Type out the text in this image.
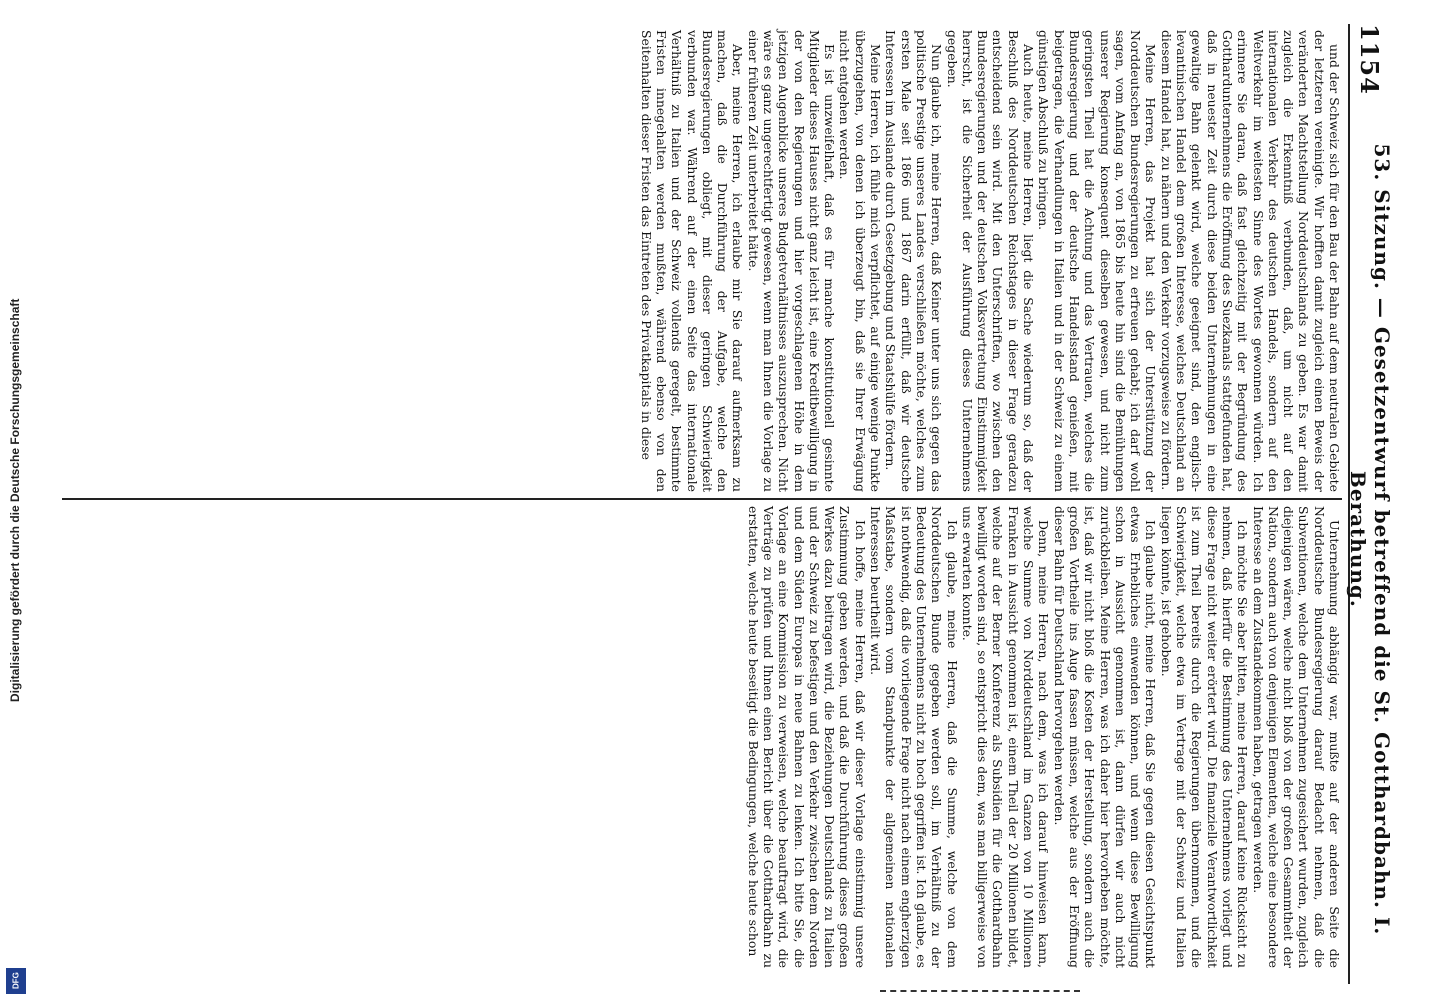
1154
53. Sitzung. — Gesetzentwurf betreffend die St. Gotthardbahn. I. Berathung.

und der Schweiz sich für den Bau der Bahn auf dem neutralen Gebiete der letzteren vereinigte. Wir hofften damit zugleich einen Beweis der veränderten Machtstellung Norddeutschlands zu geben. Es war damit zugleich die Erkenntniß verbunden, daß, um nicht auf den internationalen Verkehr des deutschen Handels, sondern auf den Weltverkehr im weitesten Sinne des Wortes gewonnen würden. Ich erinnere Sie daran, daß fast gleichzeitig mit der Begründung des Gotthardunternehmens die Eröffnung des Suezkanals stattgefunden hat, daß in neuester Zeit durch diese beiden Unternehmungen in eine gewaltige Bahn gelenkt wird, welche geeignet sind, den englisch-levantinischen Handel dem großen Interesse, welches Deutschland an diesem Handel hat, zu nähern und den Verkehr vorzugsweise zu fördern.

Meine Herren, das Projekt hat sich der Unterstützung der Norddeutschen Bundesregierungen zu erfreuen gehabt; ich darf wohl sagen, vom Anfang an, von 1865 bis heute hin sind die Bemühungen unserer Regierung konsequent dieselben gewesen, und nicht zum geringsten Theil hat die Achtung und das Vertrauen, welches die Bundesregierung und der deutsche Handelsstand genießen, mit beigetragen, die Verhandlungen in Italien und in der Schweiz zu einem günstigen Abschluß zu bringen.

Auch heute, meine Herren, liegt die Sache wiederum so, daß der Beschluß des Norddeutschen Reichstages in dieser Frage geradezu entscheidend sein wird. Mit den Unterschriften, wo zwischen den Bundesregierungen und der deutschen Volksvertretung Einstimmigkeit herrscht, ist die Sicherheit der Ausführung dieses Unternehmens gegeben.

Nun glaube ich, meine Herren, daß Keiner unter uns sich gegen das politische Prestige unseres Landes verschließen möchte, welches zum ersten Male seit 1866 und 1867 darin erfüllt, daß wir deutsche Interessen im Auslande durch Gesetzgebung und Staatshülfe fördern.

Meine Herren, ich fühle mich verpflichtet, auf einige wenige Punkte überzugehen, von denen ich überzeugt bin, daß sie Ihrer Erwägung nicht entgehen werden.

Es ist unzweifelhaft, daß es für manche konstitutionell gesinnte Mitglieder dieses Hauses nicht ganz leicht ist, eine Kreditbewilligung in der von den Regierungen und hier vorgeschlagenen Höhe in dem jetzigen Augenblicke unseres Budgetverhältnisses auszusprechen. Nicht wäre es ganz ungerechtfertigt gewesen, wenn man Ihnen die Vorlage zu einer früheren Zeit unterbreitet hätte.

Aber, meine Herren, ich erlaube mir Sie darauf aufmerksam zu machen, daß die Durchführung der Aufgabe, welche den Bundesregierungen obliegt, mit dieser geringen Schwierigkeit verbunden war. Während auf der einen Seite das internationale Verhältniß zu Italien und der Schweiz vollends geregelt, bestimmte Fristen innegehalten werden mußten, während ebenso von den Seitenhalten dieser Fristen das Eintreten des Privatkapitals in diese

Unternehmung abhängig war, mußte auf der anderen Seite die Norddeutsche Bundesregierung darauf Bedacht nehmen, daß die Subventionen, welche dem Unternehmen zugesichert wurden, zugleich diejenigen wären, welche nicht bloß von der großen Gesammtheit der Nation, sondern auch von denjenigen Elementen, welche eine besondere Interesse an dem Zustandekommen haben, getragen werden.

Ich möchte Sie aber bitten, meine Herren, darauf keine Rücksicht zu nehmen, daß hierfür die Bestimmung des Unternehmens vorliegt und diese Frage nicht weiter erörtert wird. Die finanzielle Verantwortlichkeit ist zum Theil bereits durch die Regierungen übernommen, und die Schwierigkeit, welche etwa im Vertrage mit der Schweiz und Italien liegen könnte, ist gehoben.

Ich glaube nicht, meine Herren, daß Sie gegen diesen Gesichtspunkt etwas Erhebliches einwenden können, und wenn diese Bewilligung schon in Aussicht genommen ist, dann dürfen wir auch nicht zurückbleiben. Meine Herren, was ich daher hier hervorheben möchte, ist, daß wir nicht bloß die Kosten der Herstellung, sondern auch die großen Vortheile ins Auge fassen müssen, welche aus der Eröffnung dieser Bahn für Deutschland hervorgehen werden.

Denn, meine Herren, nach dem, was ich darauf hinweisen kann, welche Summe von Norddeutschland im Ganzen von 10 Millionen Franken in Aussicht genommen ist, einem Theil der 20 Millionen bildet, welche auf der Berner Konferenz als Subsidien für die Gotthardbahn bewilligt worden sind, so entspricht dies dem, was man billigerweise von uns erwarten konnte.

Ich glaube, meine Herren, daß die Summe, welche von dem Norddeutschen Bunde gegeben werden soll, im Verhältniß zu der Bedeutung des Unternehmens nicht zu hoch gegriffen ist. Ich glaube, es ist nothwendig, daß die vorliegende Frage nicht nach einem engherzigen Maßstabe, sondern vom Standpunkte der allgemeinen nationalen Interessen beurtheilt wird.

Ich hoffe, meine Herren, daß wir dieser Vorlage einstimmig unsere Zustimmung geben werden, und daß die Durchführung dieses großen Werkes dazu beitragen wird, die Beziehungen Deutschlands zu Italien und der Schweiz zu befestigen und den Verkehr zwischen dem Norden und dem Süden Europas in neue Bahnen zu lenken. Ich bitte Sie, die Vorlage an eine Kommission zu verweisen, welche beauftragt wird, die Verträge zu prüfen und Ihnen einen Bericht über die Gotthardbahn zu erstatten, welche heute beseitigt die Bedingungen, welche heute schon

Digitalisierung gefördert durch die Deutsche Forschungsgemeinschaft
DFG
